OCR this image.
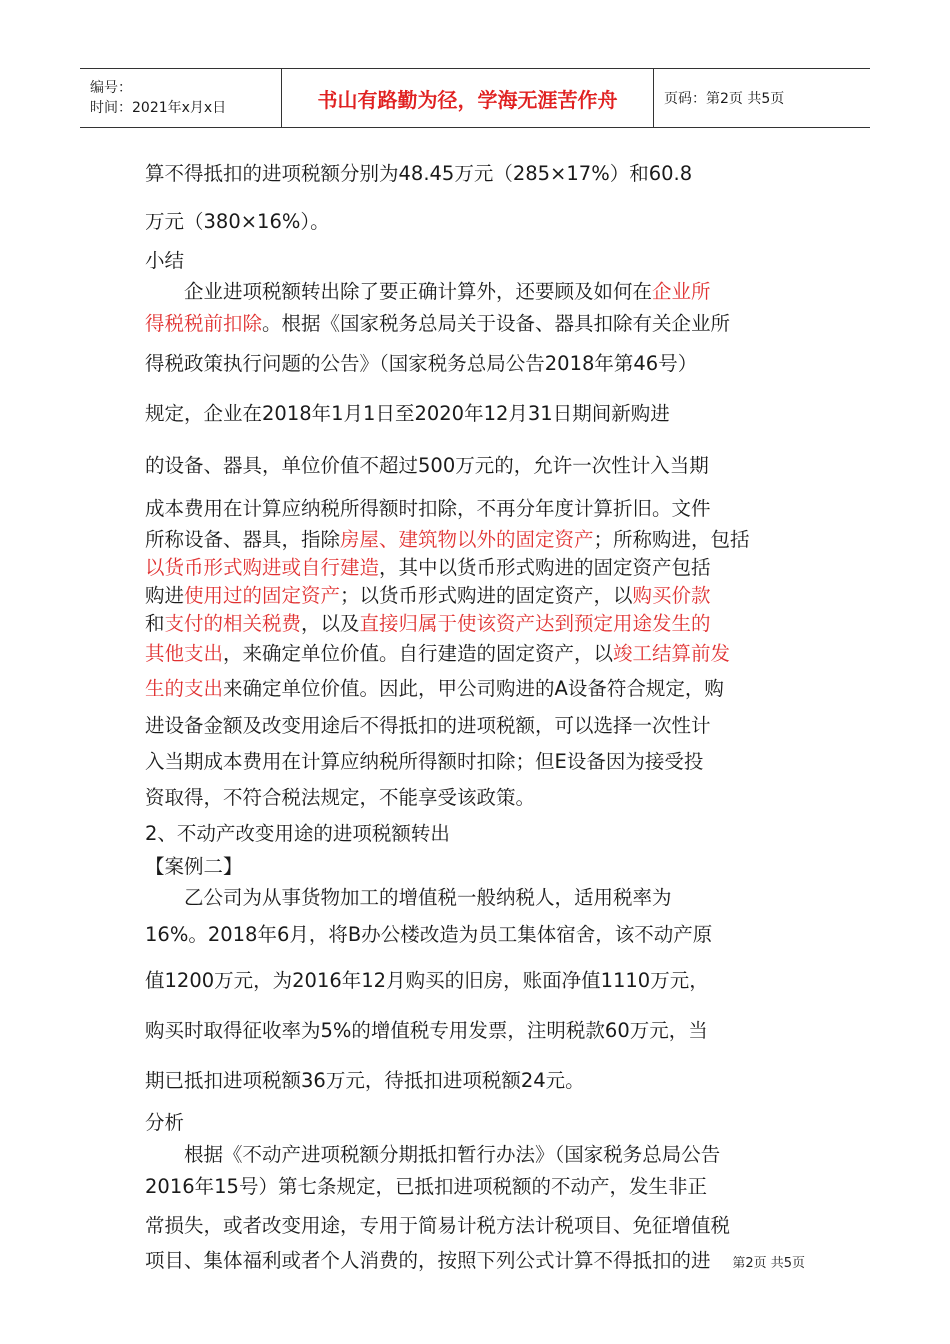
编号：
时间：2021年x月x日	书山有路勤为径，学海无涯苦作舟	页码：第2页 共5页

算不得抵扣的进项税额分别为48.45万元（285×17%）和60.8

万元（380×16%）。

小结

企业进项税额转出除了要正确计算外，还要顾及如何在企业所

得税税前扣除。根据《国家税务总局关于设备、器具扣除有关企业所

得税政策执行问题的公告》（国家税务总局公告2018年第46号）

规定，企业在2018年1月1日至2020年12月31日期间新购进

的设备、器具，单位价值不超过500万元的，允许一次性计入当期

成本费用在计算应纳税所得额时扣除，不再分年度计算折旧。文件

所称设备、器具，指除房屋、建筑物以外的固定资产；所称购进，包括

以货币形式购进或自行建造，其中以货币形式购进的固定资产包括

购进使用过的固定资产；以货币形式购进的固定资产，以购买价款

和支付的相关税费，以及直接归属于使该资产达到预定用途发生的

其他支出，来确定单位价值。自行建造的固定资产，以竣工结算前发

生的支出来确定单位价值。因此，甲公司购进的A设备符合规定，购

进设备金额及改变用途后不得抵扣的进项税额，可以选择一次性计

入当期成本费用在计算应纳税所得额时扣除；但E设备因为接受投

资取得，不符合税法规定，不能享受该政策。

2、不动产改变用途的进项税额转出

【案例二】

乙公司为从事货物加工的增值税一般纳税人，适用税率为

16%。2018年6月，将B办公楼改造为员工集体宿舍，该不动产原

值1200万元，为2016年12月购买的旧房，账面净值1110万元，

购买时取得征收率为5%的增值税专用发票，注明税款60万元，当

期已抵扣进项税额36万元，待抵扣进项税额24元。

分析

根据《不动产进项税额分期抵扣暂行办法》（国家税务总局公告

2016年15号）第七条规定，已抵扣进项税额的不动产，发生非正

常损失，或者改变用途，专用于简易计税方法计税项目、免征增值税

项目、集体福利或者个人消费的，按照下列公式计算不得抵扣的进	第2页 共5页
